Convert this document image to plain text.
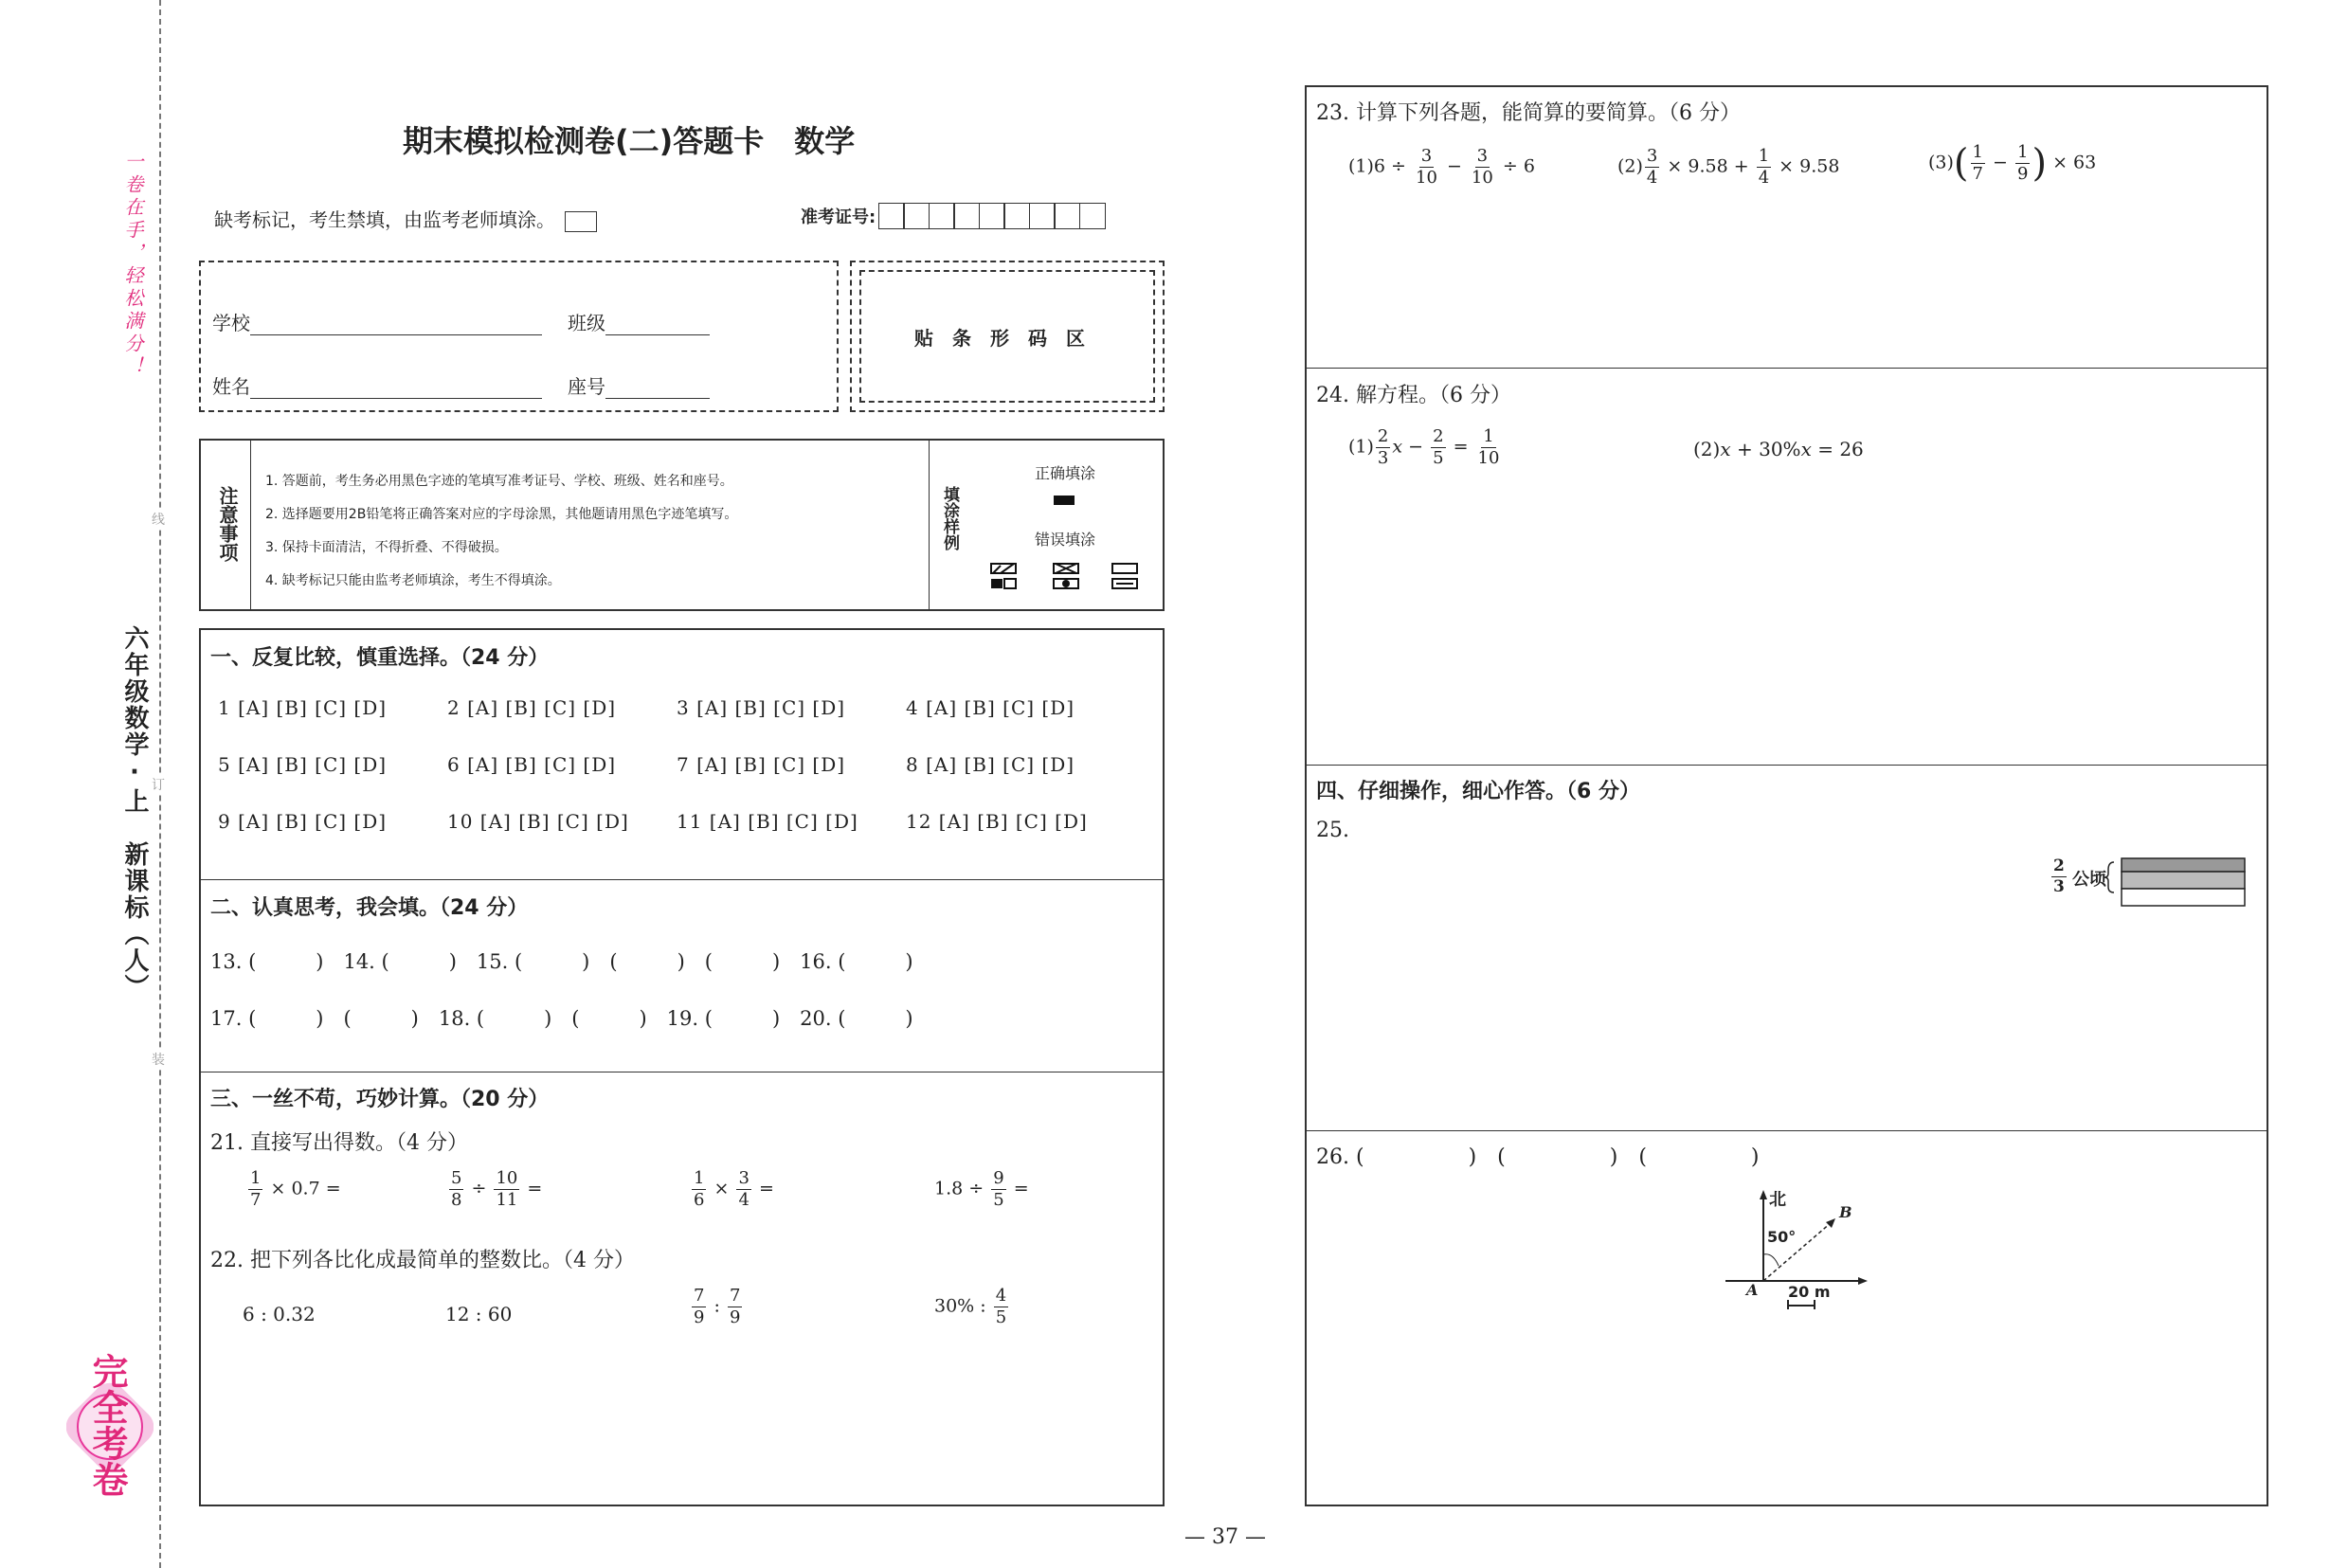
一卷在手，轻松满分！
六年级数学·上　新课标（人）
线
订
装
完全考卷
期末模拟检测卷(二)答题卡　数学
缺考标记，考生禁填，由监考老师填涂。	准考证号:
学校	班级
姓名	座号
贴　条　形　码　区
注意事项
1. 答题前，考生务必用黑色字迹的笔填写准考证号、学校、班级、姓名和座号。
2. 选择题要用2B铅笔将正确答案对应的字母涂黑，其他题请用黑色字迹笔填写。
3. 保持卡面清洁，不得折叠、不得破损。
4. 缺考标记只能由监考老师填涂，考生不得填涂。
填涂样例
正确填涂
错误填涂
一、反复比较，慎重选择。（24 分）
1 [A] [B] [C] [D]	2 [A] [B] [C] [D]	3 [A] [B] [C] [D]	4 [A] [B] [C] [D]
5 [A] [B] [C] [D]	6 [A] [B] [C] [D]	7 [A] [B] [C] [D]	8 [A] [B] [C] [D]
9 [A] [B] [C] [D]	10 [A] [B] [C] [D]	11 [A] [B] [C] [D]	12 [A] [B] [C] [D]
二、认真思考，我会填。（24 分）
13. (　　　)　14. (　　　)　15. (　　　)　(　　　)　(　　　)　16. (　　　)
17. (　　　)　(　　　)　18. (　　　)　(　　　)　19. (　　　)　20. (　　　)
三、一丝不苟，巧妙计算。（20 分）
21. 直接写出得数。（4 分）
$\frac{1}{7} \times 0.7$ =	$\frac{5}{8} \div \frac{10}{11}$ =	$\frac{1}{6} \times \frac{3}{4}$ =	$1.8 \div \frac{9}{5}$ =
22. 把下列各比化成最简单的整数比。（4 分）
6 : 0.32	12 : 60	$\frac{7}{9}$ : $\frac{7}{9}$	30% : $\frac{4}{5}$
23. 计算下列各题，能简算的要简算。（6 分）
$(1)6 \div \frac{3}{10} - \frac{3}{10} \div 6$	$(2) \frac{3}{4} \times 9.58 + \frac{1}{4} \times 9.58$	$(3)( \frac{1}{7} - \frac{1}{9}$ ) × 63
24. 解方程。（6 分）
$(1) \frac{2}{3}$ $x - \frac{2}{5} = \frac{1}{10}$	(2)x + 30%x = 26
四、仔细操作，细心作答。（6 分）
25.
$\frac{2}{3}$ 公顷
26. (　　　　　)　(　　　　　)　(　　　　　)
北
50°
A
B
20 m
— 37 —
